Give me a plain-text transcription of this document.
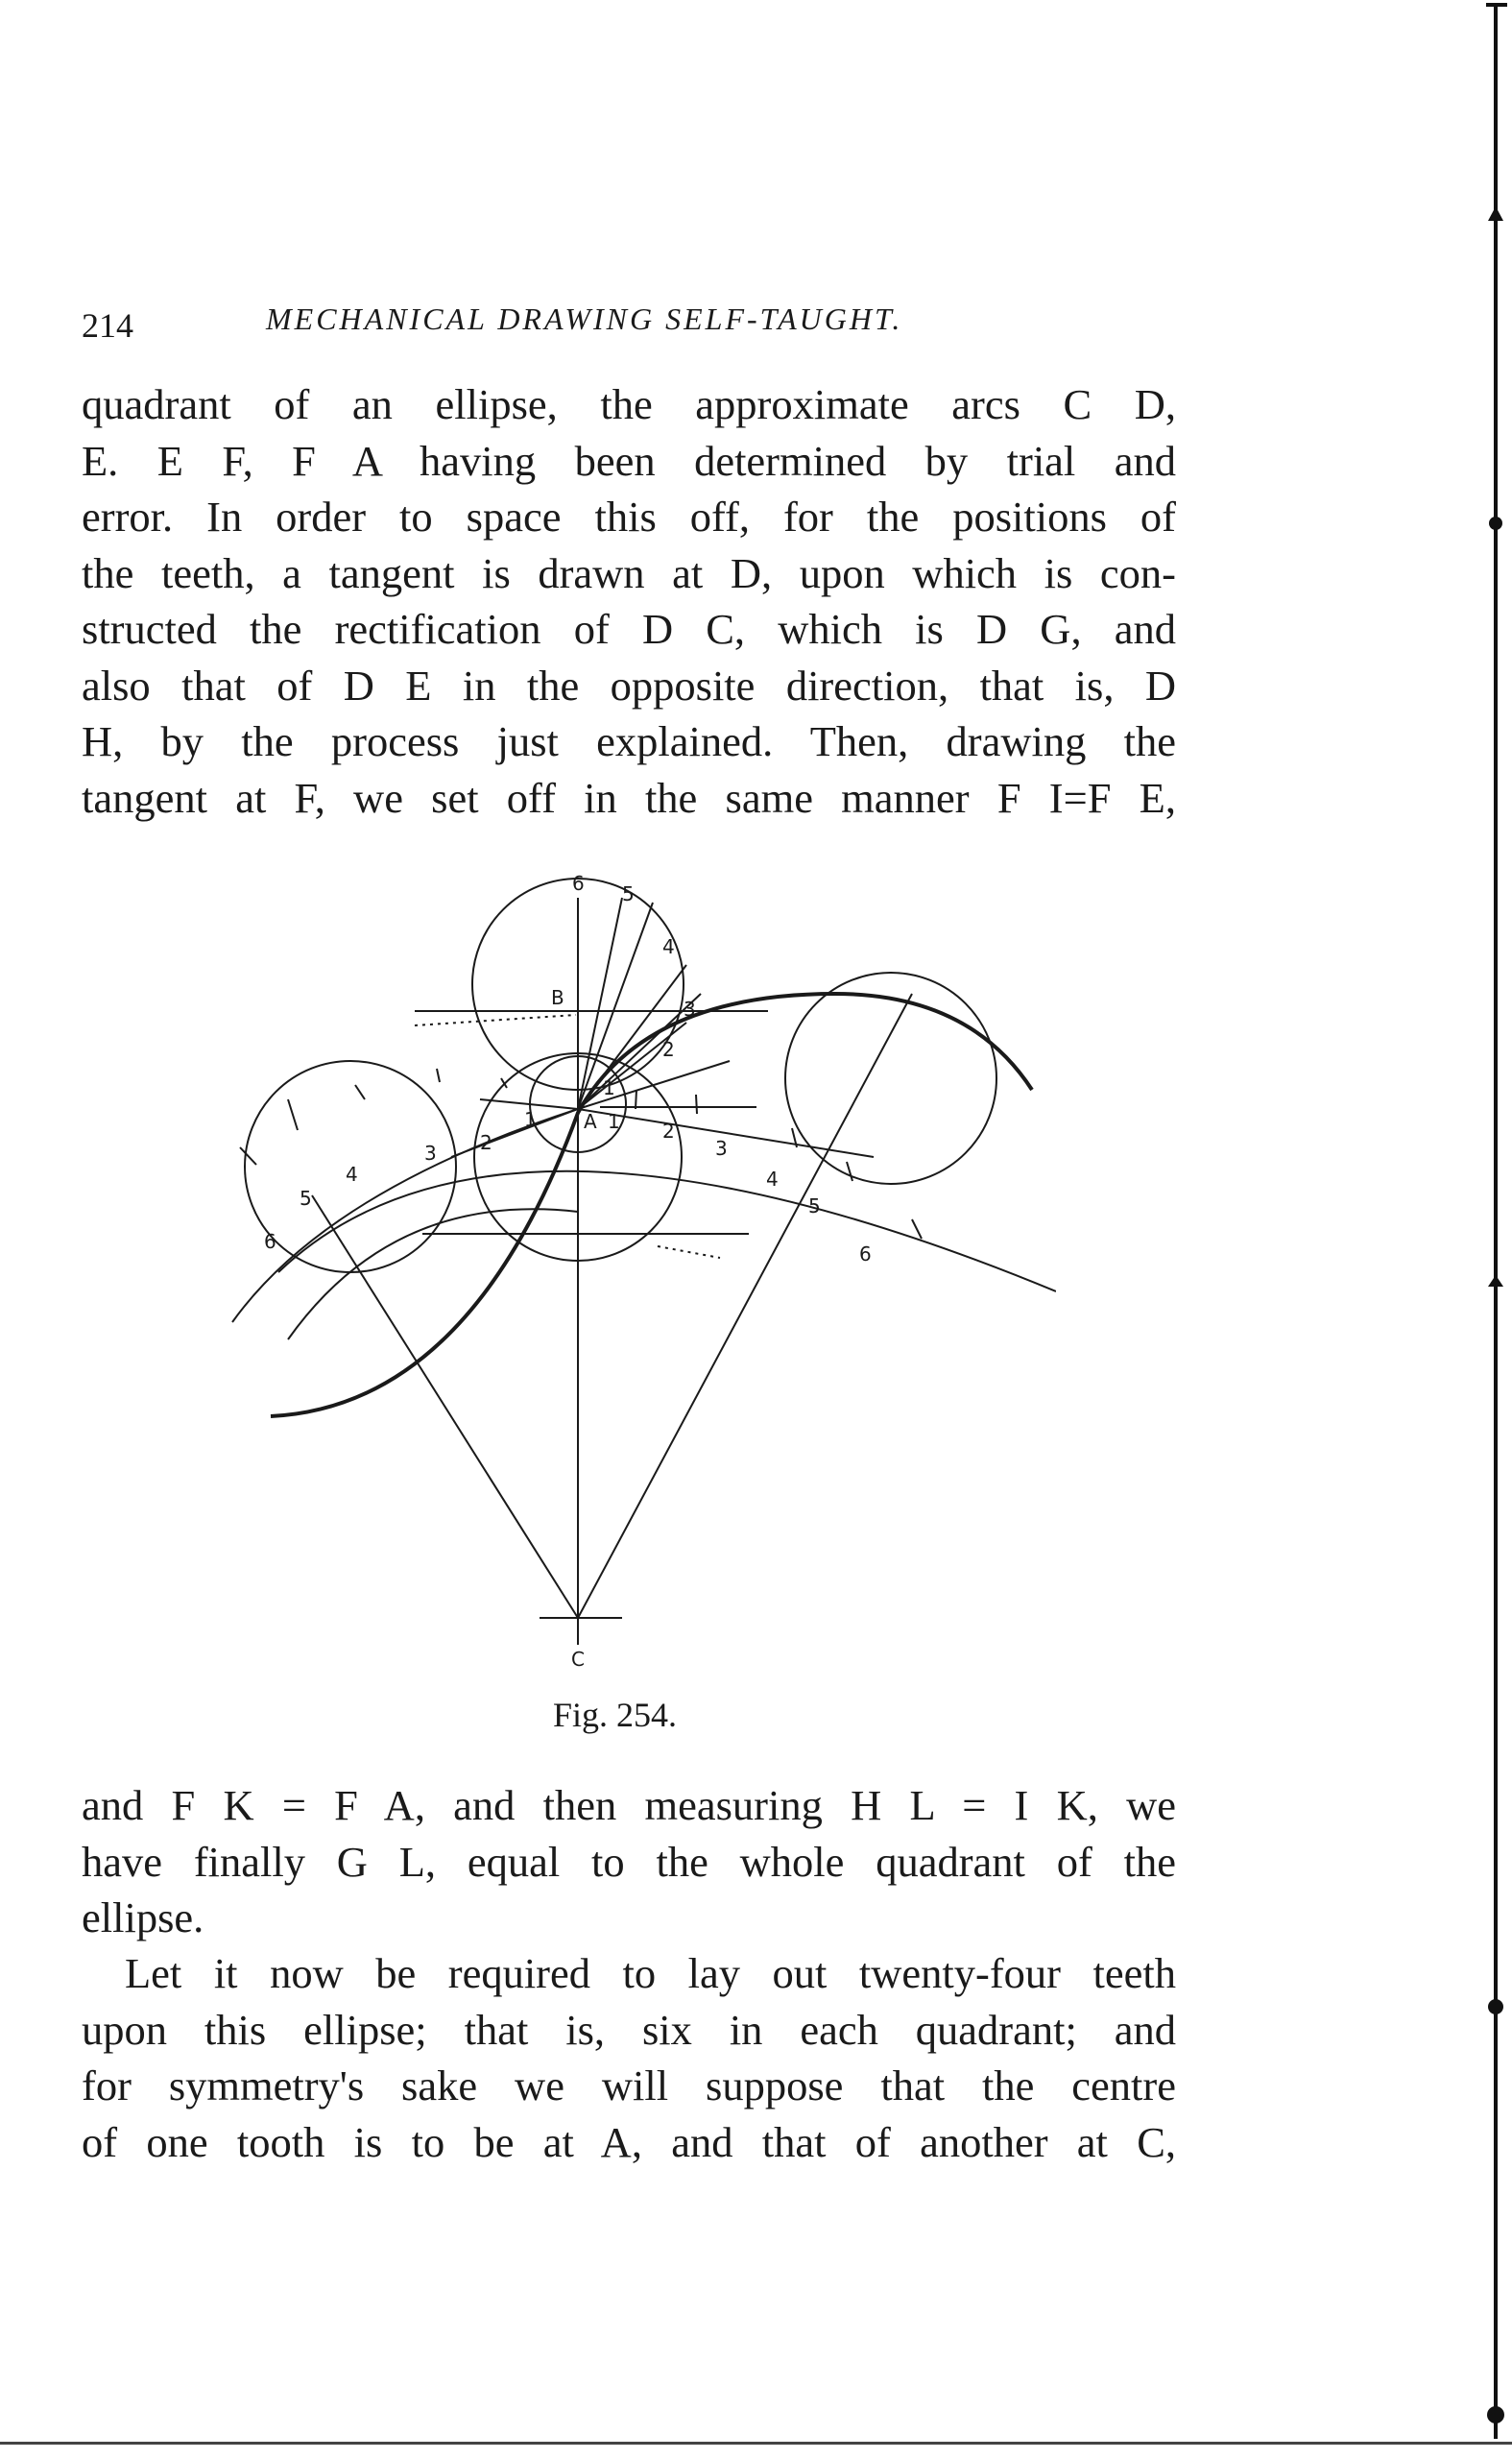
214	MECHANICAL DRAWING SELF-TAUGHT.
quadrant of an ellipse, the approximate arcs C D,
E. E F, F A having been determined by trial and
error. In order to space this off, for the positions of
the teeth, a tangent is drawn at D, upon which is con-
structed the rectification of D C, which is D G, and
also that of D E in the opposite direction, that is, D
H, by the process just explained. Then, drawing the
tangent at F, we set off in the same manner F I=F E,
B
A
C
6 5
4
3
2
1
1 2
3
4
5
6
1
2
3
4
5
6
Fig. 254.
and F K = F A, and then measuring H L = I K, we
have finally G L, equal to the whole quadrant of the
ellipse.
Let it now be required to lay out twenty-four teeth
upon this ellipse; that is, six in each quadrant; and
for symmetry's sake we will suppose that the centre
of one tooth is to be at A, and that of another at C,
